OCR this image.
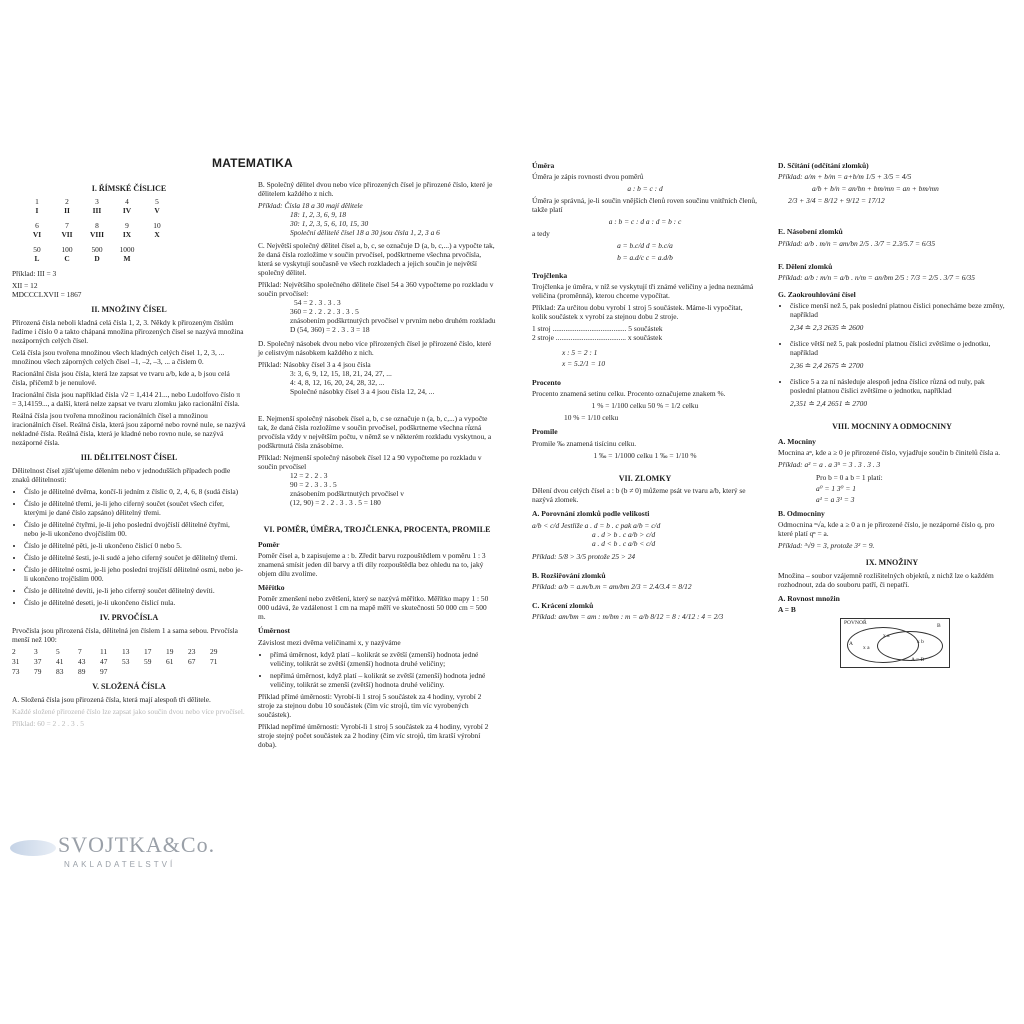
MATEMATIKA
I. ŘÍMSKÉ ČÍSLICE
1	2	3	4	5
I	II	III	IV	V
6	7	8	9	10
VI	VII	VIII	IX	X
50	100	500	1000
L	C	D	M

Příklad: III = 3

XII = 12

MDCCCLXVII = 1867

II. MNOŽINY ČÍSEL

Přirozená čísla neboli kladná celá čísla 1, 2, 3. Někdy k přirozeným číslům řadíme i číslo 0 a takto chápaná množina přirozených čísel se nazývá množina nezáporných celých čísel.

Celá čísla jsou tvořena množinou všech kladných celých čísel 1, 2, 3, ... množinou všech záporných celých čísel –1, –2, –3, ... a číslem 0.

Racionální čísla jsou čísla, která lze zapsat ve tvaru a/b, kde a, b jsou celá čísla, přičemž b je nenulové.

Iracionální čísla jsou například čísla √2 = 1,414 21..., nebo Ludolfovo číslo π = 3,14159..., a další, která nelze zapsat ve tvaru zlomku jako racionální čísla.

Reálná čísla jsou tvořena množinou racionálních čísel a množinou iracionálních čísel. Reálná čísla, která jsou záporné nebo rovné nule, se nazývá nekladné čísla. Reálná čísla, která je kladné nebo rovno nule, se nazývá nezáporné čísla.

III. DĚLITELNOST ČÍSEL

Dělitelnost čísel zjišťujeme dělením nebo v jednodušších případech podle znaků dělitelnosti:

• Číslo je dělitelné dvěma, končí-li jedním z číslic 0, 2, 4, 6, 8 (sudá čísla)
• Číslo je dělitelné třemi, je-li jeho ciferný součet (součet všech cifer, kterými je dané číslo zapsáno) dělitelný třemi.
• Číslo je dělitelné čtyřmi, je-li jeho poslední dvojčíslí dělitelné čtyřmi, nebo je-li ukončeno dvojčíslím 00.
• Číslo je dělitelné pěti, je-li ukončeno číslicí 0 nebo 5.
• Číslo je dělitelné šesti, je-li sudé a jeho ciferný součet je dělitelný třemi.
• Číslo je dělitelné osmi, je-li jeho poslední trojčíslí dělitelné osmi, nebo je-li ukončeno trojčíslím 000.
• Číslo je dělitelné devíti, je-li jeho ciferný součet dělitelný devíti.
• Číslo je dělitelné deseti, je-li ukončeno číslicí nula.
IV. PRVOČÍSLA

Prvočísla jsou přirozená čísla, dělitelná jen číslem 1 a sama sebou. Prvočísla menší než 100:

2	3	5	7	11	13	17	19	23	29
31	37	41	43	47	53	59	61	67	71
73	79	83	89	97
V. SLOŽENÁ ČÍSLA

A. Složená čísla jsou přirozená čísla, která mají alespoň tři dělitele.

Každé složené přirozené číslo lze zapsat jako součin dvou nebo více prvočísel.

Příklad: 60 = 2 . 2 . 3 . 5

B. Společný dělitel dvou nebo více přirozených čísel je přirozené číslo, které je dělitelem každého z nich.

Příklad: Čísla 18 a 30 mají dělitele

18: 1, 2, 3, 6, 9, 18

30: 1, 2, 3, 5, 6, 10, 15, 30

Společní dělitelé čísel 18 a 30 jsou čísla 1, 2, 3 a 6

C. Největší společný dělitel čísel a, b, c, se označuje D (a, b, c,...) a vypočte tak, že daná čísla rozložíme v součin prvočísel, podškrtneme všechna prvočísla, která se vyskytují současně ve všech rozkladech a jejich součin je největší společný dělitel.

Příklad: Největšího společného dělitele čísel 54 a 360 vypočteme po rozkladu v součin prvočísel:

54 = 2 . 3 . 3 . 3

360 = 2 . 2 . 2 . 3 . 3 . 5

znásobením podškrtnutých prvočísel v prvním nebo druhém rozkladu

D (54, 360) = 2 . 3 . 3 = 18

D. Společný násobek dvou nebo více přirozených čísel je přirozené číslo, které je celistvým násobkem každého z nich.

Příklad: Násobky čísel 3 a 4 jsou čísla

3: 3, 6, 9, 12, 15, 18, 21, 24, 27, ...

4: 4, 8, 12, 16, 20, 24, 28, 32, ...

Společné násobky čísel 3 a 4 jsou čísla 12, 24, ...

E. Nejmenší společný násobek čísel a, b, c se označuje n (a, b, c,...) a vypočte tak, že daná čísla rozložíme v součin prvočísel, podškrtneme všechna různá prvočísla vždy v největším počtu, v němž se v některém rozkladu vyskytnou, a podškrtnutá čísla znásobíme.

Příklad: Nejmenší společný násobek čísel 12 a 90 vypočteme po rozkladu v součin prvočísel

12 = 2 . 2 . 3

90 = 2 . 3 . 3 . 5

znásobením podškrtnutých prvočísel v

(12, 90) = 2 . 2 . 3 . 3 . 5 = 180

VI. POMĚR, ÚMĚRA, TROJČLENKA, PROCENTA, PROMILE
Poměr

Poměr čísel a, b zapisujeme a : b. Zředit barvu rozpouštědlem v poměru 1 : 3 znamená smísit jeden díl barvy a tři díly rozpouštědla bez ohledu na to, jaký objem dílu zvolíme.

Měřítko

Poměr zmenšení nebo zvětšení, který se nazývá měřítko. Měřítko mapy 1 : 50 000 udává, že vzdálenost 1 cm na mapě měří ve skutečnosti 50 000 cm = 500 m.

Úměrnost

Závislost mezi dvěma veličinami x, y nazýváme

• přímá úměrnost, když platí – kolikrát se zvětší (zmenší) hodnota jedné veličiny, tolikrát se zvětší (zmenší) hodnota druhé veličiny;
• nepřímá úměrnost, když platí – kolikrát se zvětší (zmenší) hodnota jedné veličiny, tolikrát se zmenší (zvětší) hodnota druhé veličiny.

Příklad přímé úměrnosti: Vyrobí-li 1 stroj 5 součástek za 4 hodiny, vyrobí 2 stroje za stejnou dobu 10 součástek (čím víc strojů, tím víc vyrobených součástek).

Příklad nepřímé úměrnosti: Vyrobí-li 1 stroj 5 součástek za 4 hodiny, vyrobí 2 stroje stejný počet součástek za 2 hodiny (čím víc strojů, tím kratší výrobní doba).

Úměra

Úměra je zápis rovnosti dvou poměrů

a : b = c : d

Úměra je správná, je-li součin vnějších členů roven součinu vnitřních členů, takže platí

a : b = c : d a : d = b : c

a tedy

a = b.c/d d = b.c/a

b = a.d/c c = a.d/b

Trojčlenka

Trojčlenka je úměra, v níž se vyskytují tři známé veličiny a jedna neznámá veličina (proměnná), kterou chceme vypočítat.

Příklad: Za určitou dobu vyrobí 1 stroj 5 součástek. Máme-li vypočítat, kolik součástek x vyrobí za stejnou dobu 2 stroje.

1 stroj ........................................ 5 součástek

2 stroje ...................................... x součástek

x : 5 = 2 : 1

x = 5.2/1 = 10

Procento

Procento znamená setinu celku. Procento označujeme znakem %.

1 % = 1/100 celku 50 % = 1/2 celku

10 % = 1/10 celku

Promile

Promile ‰ znamená tisícinu celku.

1 ‰ = 1/1000 celku 1 ‰ = 1/10 %

VII. ZLOMKY

Dělení dvou celých čísel a : b (b ≠ 0) můžeme psát ve tvaru a/b, který se nazývá zlomek.

A. Porovnání zlomků podle velikosti

a/b < c/d Jestliže a . d = b . c pak a/b = c/d

a . d > b . c a/b > c/d

a . d < b . c a/b < c/d

Příklad: 5/8 > 3/5 protože 25 > 24

B. Rozšiřování zlomků

Příklad: a/b = a.m/b.m = am/bm 2/3 = 2.4/3.4 = 8/12

C. Krácení zlomků

Příklad: am/bm = am : m/bm : m = a/b 8/12 = 8 : 4/12 : 4 = 2/3

D. Sčítání (odčítání zlomků)

Příklad: a/m + b/m = a+b/m 1/5 + 3/5 = 4/5

a/b + b/n = an/bn + bm/mn = an + bm/mn

2/3 + 3/4 = 8/12 + 9/12 = 17/12

E. Násobení zlomků

Příklad: a/b . m/n = am/bn 2/5 . 3/7 = 2.3/5.7 = 6/35

F. Dělení zlomků

Příklad: a/b : m/n = a/b . n/m = an/bm 2/5 : 7/3 = 2/5 . 3/7 = 6/35

G. Zaokrouhlování čísel
• číslice menší než 5, pak poslední platnou číslici ponecháme beze změny, například
2,34 ≐ 2,3 2635 ≐ 2600
• číslice větší než 5, pak poslední platnou číslici zvětšíme o jednotku, například
2,36 ≐ 2,4 2675 ≐ 2700
• číslice 5 a za ní následuje alespoň jedna číslice různá od nuly, pak poslední platnou číslici zvětšíme o jednotku, například
2,351 ≐ 2,4 2651 ≐ 2700
VIII. MOCNINY A ODMOCNINY
A. Mocniny

Mocnina aⁿ, kde a ≥ 0 je přirozené číslo, vyjadřuje součin b činitelů čísla a.

Příklad: a² = a . a 3⁵ = 3 . 3 . 3 . 3

Pro b = 0 a b = 1 platí:

a⁰ = 1 3⁰ = 1

a¹ = a 3¹ = 3

B. Odmocniny

Odmocnina ⁿ√a, kde a ≥ 0 a n je přirozené číslo, je nezáporné číslo q, pro které platí qⁿ = a.

Příklad: ³√9 = 3, protože 3² = 9.

IX. MNOŽINY

Množina – soubor vzájemně rozlišitelných objektů, z nichž lze o každém rozhodnout, zda do souboru patří, či nepatří.

A. Rovnost množin

A = B

POVNOŘ
A
B
x a
x b
x a
A = B
SVOJTKA&Co.
NAKLADATELSTVÍ
